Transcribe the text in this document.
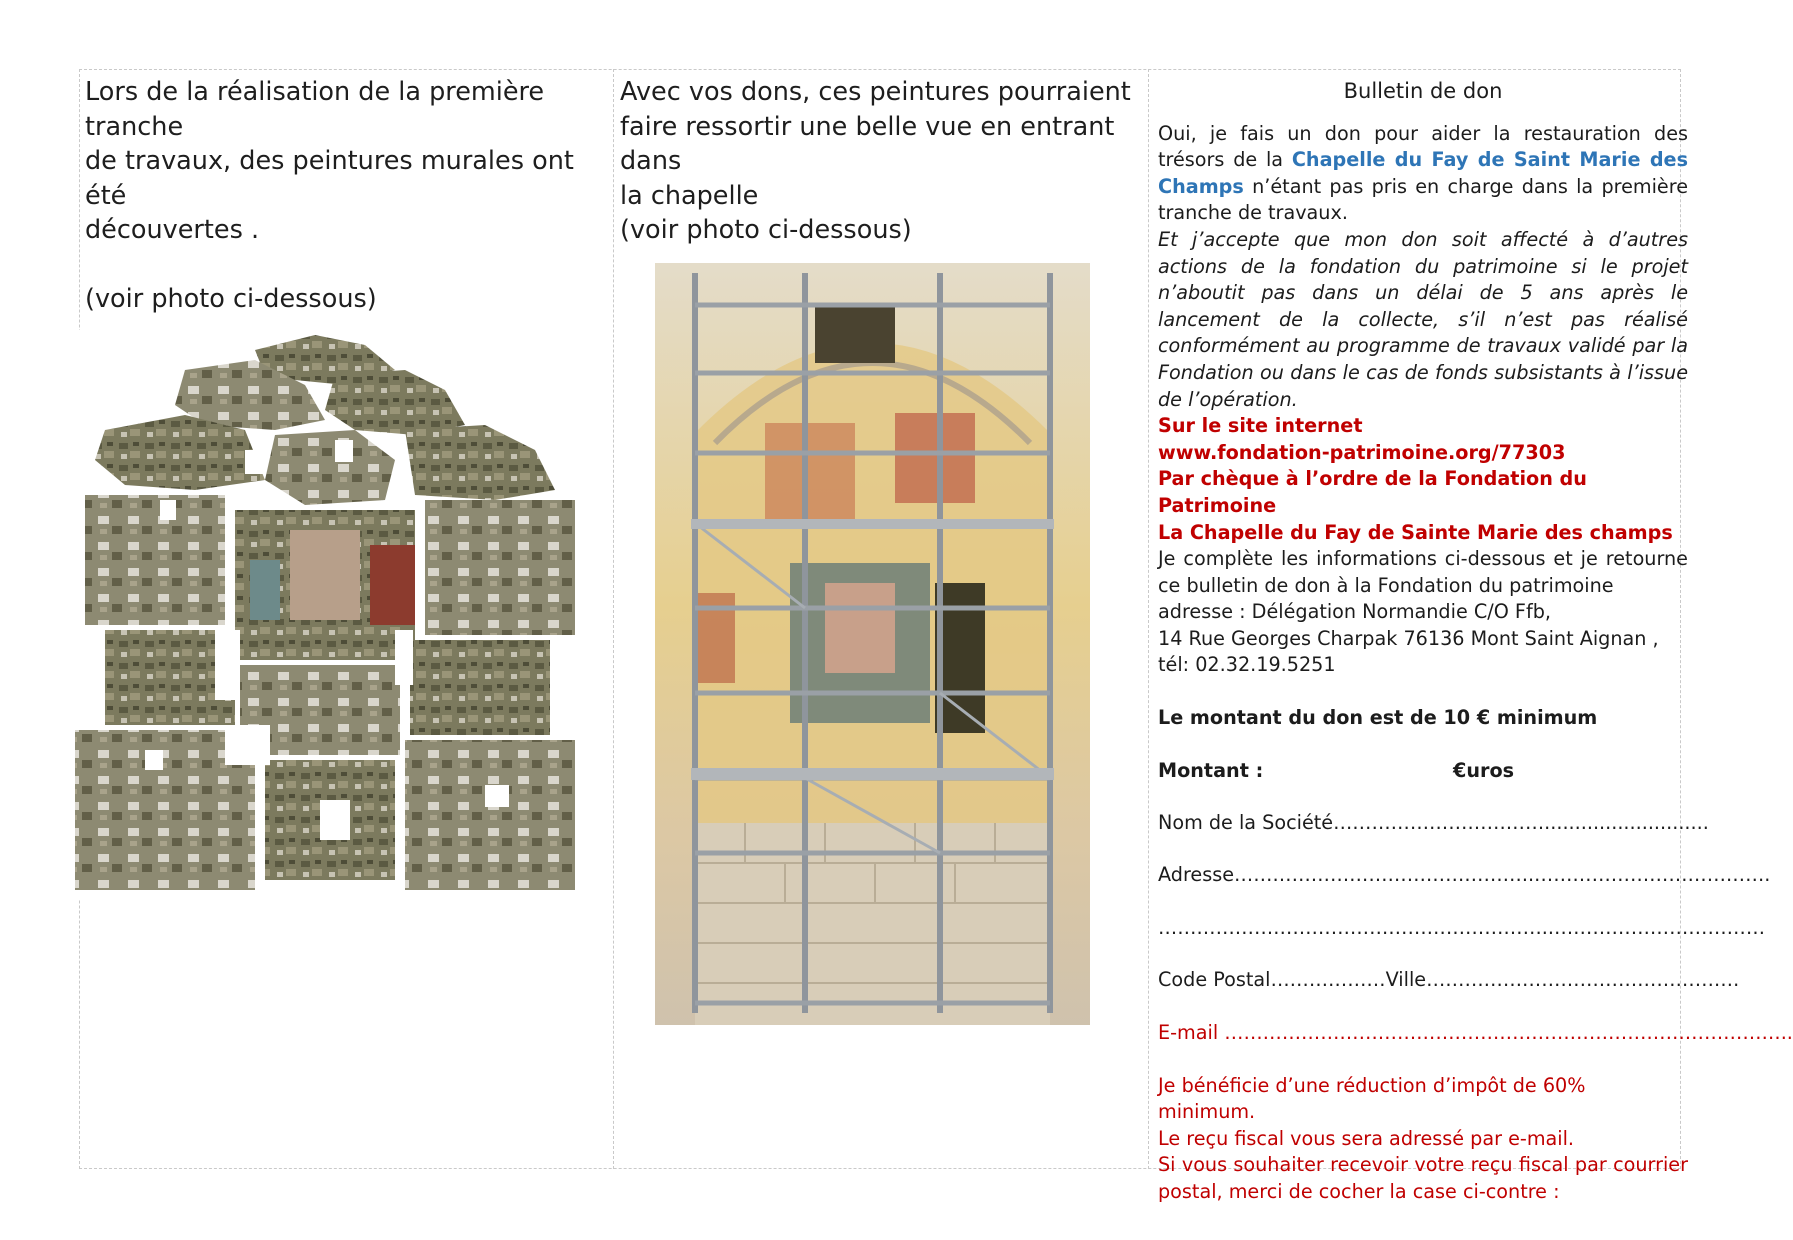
Lors de la réalisation de la première tranche

de travaux, des peintures murales ont été

découvertes .

(voir photo ci-dessous)

Avec vos dons, ces peintures pourraient

faire ressortir une belle vue en entrant dans

la chapelle

(voir photo ci-dessous)

Bulletin de don

Oui, je fais un don pour aider la restauration des trésors de la Chapelle du Fay de Saint Marie des Champs n’étant pas pris en charge dans la première tranche de travaux.

Et j’accepte que mon don soit affecté à d’autres actions de la fondation du patrimoine si le projet n’aboutit pas dans un délai de 5 ans après le lancement de la collecte, s’il n’est pas réalisé conformément au programme de travaux validé par la Fondation ou dans le cas de fonds subsistants à l’issue de l’opération.

Sur le site internet
www.fondation-patrimoine.org/77303
Par chèque à l’ordre de la Fondation du Patrimoine
La Chapelle du Fay de Sainte Marie des champs

Je complète les informations ci-dessous et je retourne ce bulletin de don à la Fondation du patrimoine

adresse : Délégation Normandie C/O Ffb,
14 Rue Georges Charpak 76136 Mont Saint Aignan ,
tél: 02.32.19.5251
Le montant du don est de 10 € minimum
Montant :	€uros
Nom de la Société……………………………...........................
Adresse………………………………………..……………………………….
……………………………………………………..……………………………
Code Postal………………Ville………………………………………….
E-mail ……………………………………………………………………………..
Je bénéficie d’une réduction d’impôt de 60% minimum.
Le reçu fiscal vous sera adressé par e-mail.
Si vous souhaiter recevoir votre reçu fiscal par courrier postal, merci de cocher la case ci-contre :
